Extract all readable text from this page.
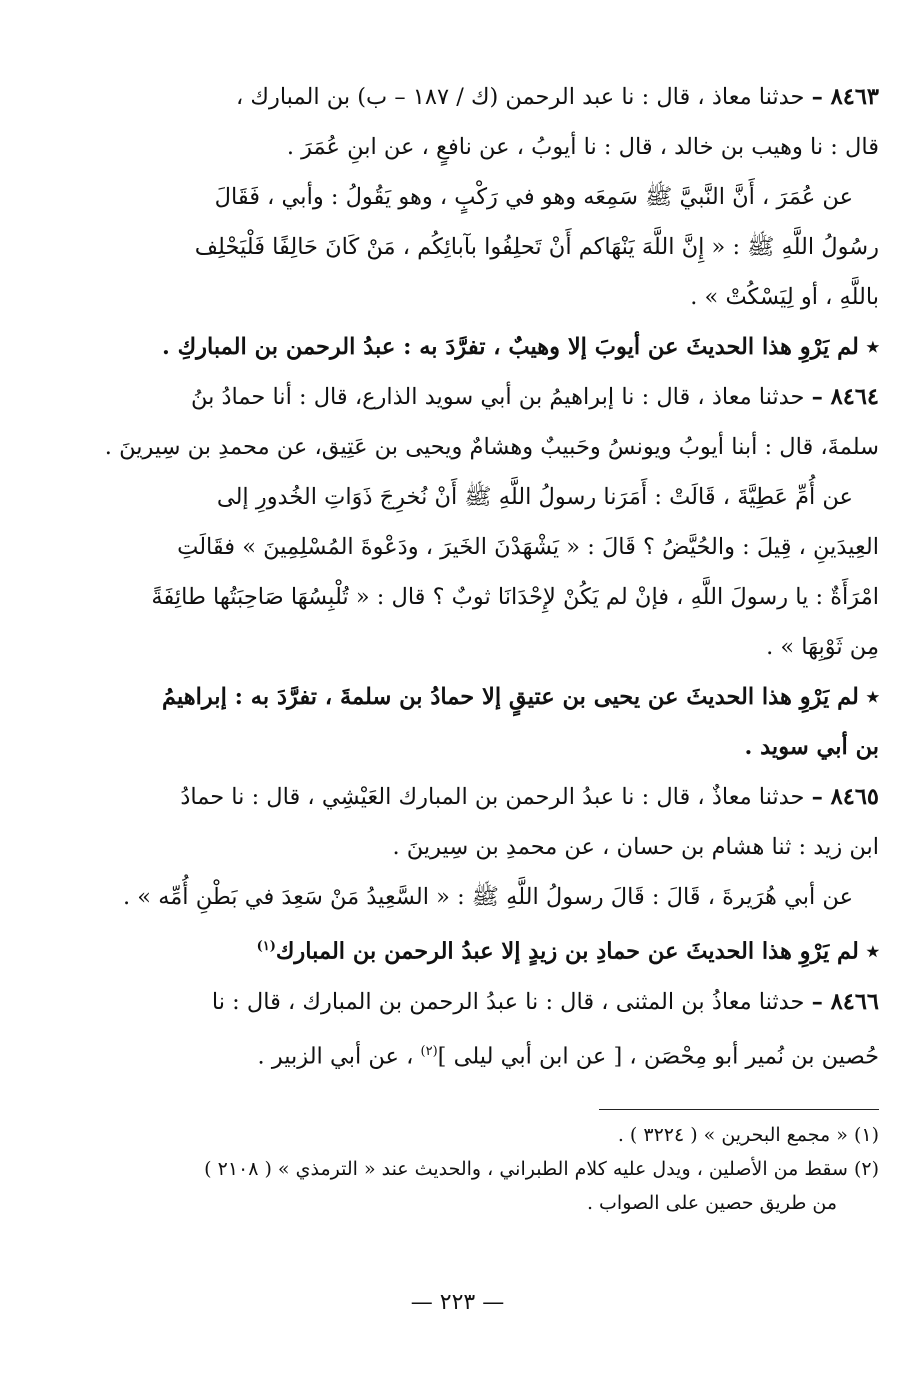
٨٤٦٣ – حدثنا معاذ ، قال : نا عبد الرحمن (ك / ١٨٧ – ب) بن المبارك ،
قال : نا وهيب بن خالد ، قال : نا أيوبُ ، عن نافعٍ ، عن ابنِ عُمَرَ .
عن عُمَرَ ، أَنَّ النَّبيَّ ﷺ سَمِعَه وهو في رَكْبٍ ، وهو يَقُولُ : وأبي ، فَقَالَ
رسُولُ اللَّهِ ﷺ : « إِنَّ اللَّهَ يَنْهَاكم أَنْ تَحلِفُوا بآبائِكُم ، مَنْ كَانَ حَالِفًا فَلْيَحْلِف
باللَّهِ ، أو لِيَسْكُتْ » .
٭ لم يَرْوِ هذا الحديثَ عن أيوبَ إلا وهيبٌ ، تفرَّدَ به : عبدُ الرحمن بن المباركِ .
٨٤٦٤ – حدثنا معاذ ، قال : نا إبراهيمُ بن أبي سويد الذارع، قال : أنا حمادُ بنُ
سلمةَ، قال : أبنا أيوبُ ويونسُ وحَبيبٌ وهشامٌ ويحيى بن عَتِيق، عن محمدِ بن سِيرينَ .
عن أُمِّ عَطِيَّةَ ، قَالَتْ : أَمَرَنا رسولُ اللَّهِ ﷺ أَنْ نُخرِجَ ذَوَاتِ الخُدورِ إلى
العِيدَينِ ، قِيلَ : والحُيَّضُ ؟ قَالَ : « يَشْهَدْنَ الخَيرَ ، ودَعْوةَ المُسْلِمِينَ » فقَالَتِ
امْرَأَةٌ : يا رسولَ اللَّهِ ، فإنْ لم يَكُنْ لإِحْدَانَا ثوبٌ ؟ قال : « تُلْبِسُهَا صَاحِبَتُها طائِفَةً
مِن ثَوْبِهَا » .
٭ لم يَرْوِ هذا الحديثَ عن يحيى بن عتيقٍ إلا حمادُ بن سلمةَ ، تفرَّدَ به : إبراهيمُ
بن أبي سويد .
٨٤٦٥ – حدثنا معاذٌ ، قال : نا عبدُ الرحمن بن المبارك العَيْشِي ، قال : نا حمادُ
ابن زيد : ثنا هشام بن حسان ، عن محمدِ بن سِيرينَ .
عن أبي هُرَيرةَ ، قَالَ : قَالَ رسولُ اللَّهِ ﷺ : « السَّعِيدُ مَنْ سَعِدَ في بَطْنِ أُمِّه » .
٭ لم يَرْوِ هذا الحديثَ عن حمادِ بن زيدٍ إلا عبدُ الرحمن بن المبارك$^{(١)}$
٨٤٦٦ – حدثنا معاذُ بن المثنى ، قال : نا عبدُ الرحمن بن المبارك ، قال : نا
حُصين بن نُمير أبو مِحْصَن ، [ عن ابن أبي ليلى ]$^{(٢)}$ ، عن أبي الزبير .
(١) « مجمع البحرين » ( ٣٢٢٤ ) .
(٢) سقط من الأصلين ، ويدل عليه كلام الطبراني ، والحديث عند « الترمذي » ( ٢١٠٨ )
من طريق حصين على الصواب .
— ٢٢٣ —
